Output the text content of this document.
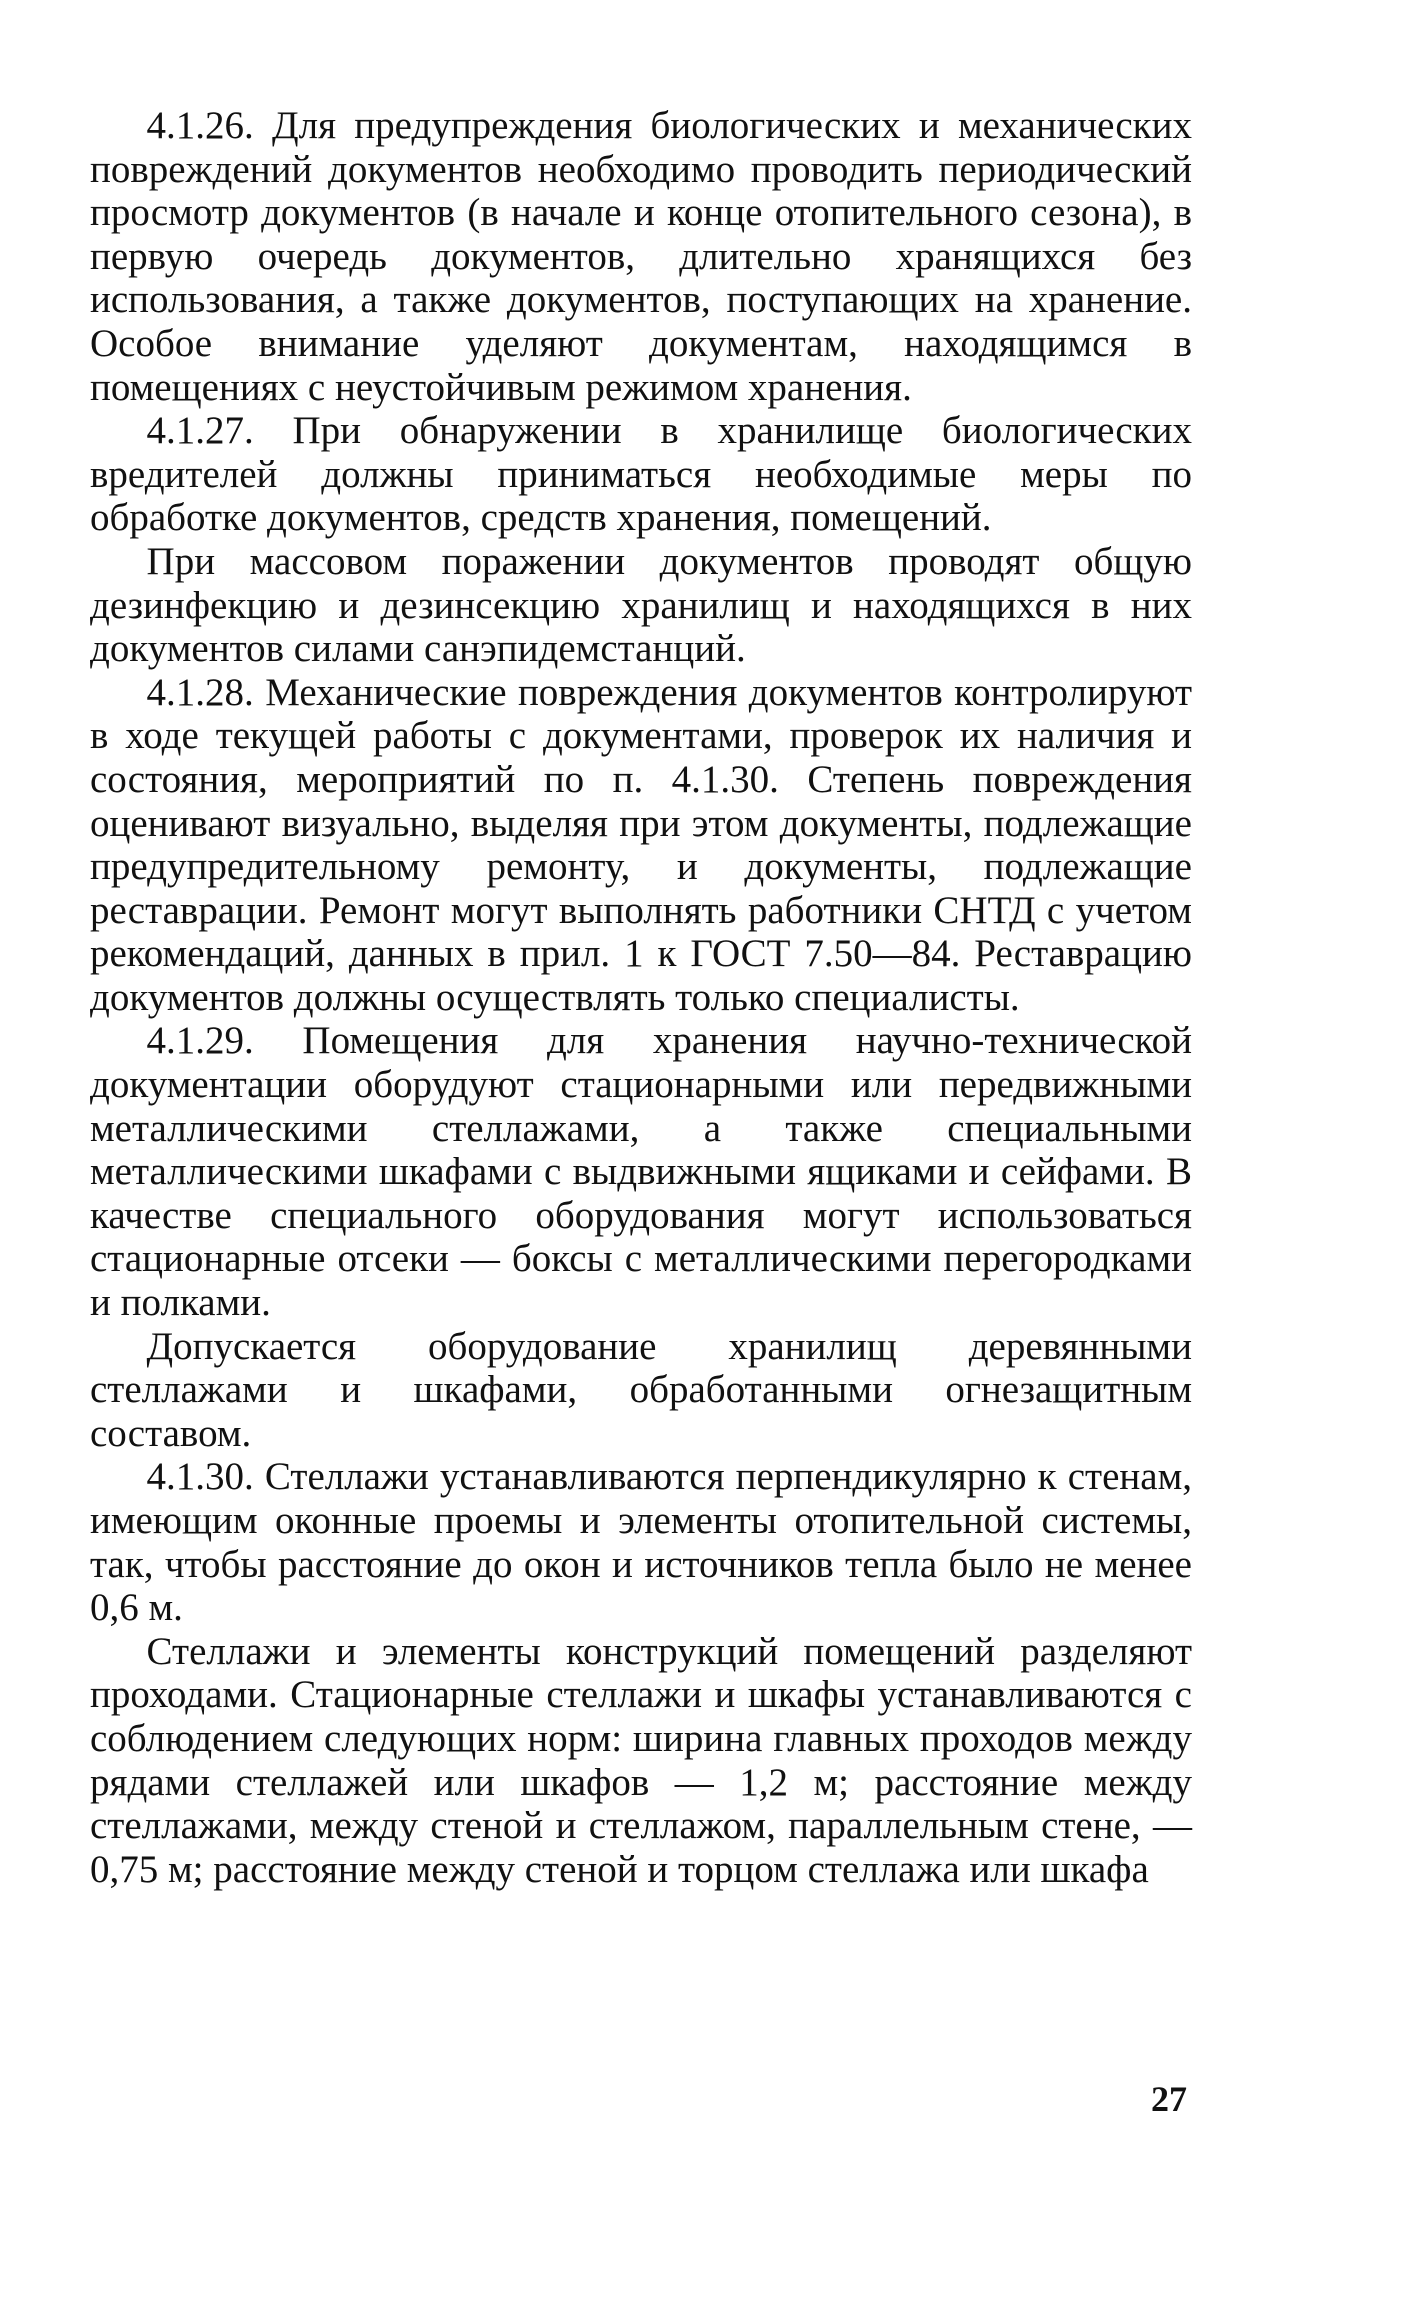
4.1.26. Для предупреждения биологических и механических повреждений документов необходимо проводить периодический просмотр документов (в начале и конце отопительного сезона), в первую очередь документов, длительно хранящихся без использования, а также документов, поступающих на хранение. Особое внимание уделяют документам, находящимся в помещениях с неустойчивым режимом хранения.

4.1.27. При обнаружении в хранилище биологических вредителей должны приниматься необходимые меры по обработке документов, средств хранения, помещений.

При массовом поражении документов проводят общую дезинфекцию и дезинсекцию хранилищ и находящихся в них документов силами санэпидемстанций.

4.1.28. Механические повреждения документов контролируют в ходе текущей работы с документами, проверок их наличия и состояния, мероприятий по п. 4.1.30. Степень повреждения оценивают визуально, выделяя при этом документы, подлежащие предупредительному ремонту, и документы, подлежащие реставрации. Ремонт могут выполнять работники СНТД с учетом рекомендаций, данных в прил. 1 к ГОСТ 7.50—84. Реставрацию документов должны осуществлять только специалисты.

4.1.29. Помещения для хранения научно-технической документации оборудуют стационарными или передвижными металлическими стеллажами, а также специальными металлическими шкафами с выдвижными ящиками и сейфами. В качестве специального оборудования могут использоваться стационарные отсеки — боксы с металлическими перегородками и полками.

Допускается оборудование хранилищ деревянными стеллажами и шкафами, обработанными огнезащитным составом.

4.1.30. Стеллажи устанавливаются перпендикулярно к стенам, имеющим оконные проемы и элементы отопительной системы, так, чтобы расстояние до окон и источников тепла было не менее 0,6 м.

Стеллажи и элементы конструкций помещений разделяют проходами. Стационарные стеллажи и шкафы устанавливаются с соблюдением следующих норм: ширина главных проходов между рядами стеллажей или шкафов — 1,2 м; расстояние между стеллажами, между стеной и стеллажом, параллельным стене, — 0,75 м; расстояние между стеной и торцом стеллажа или шкафа

27
